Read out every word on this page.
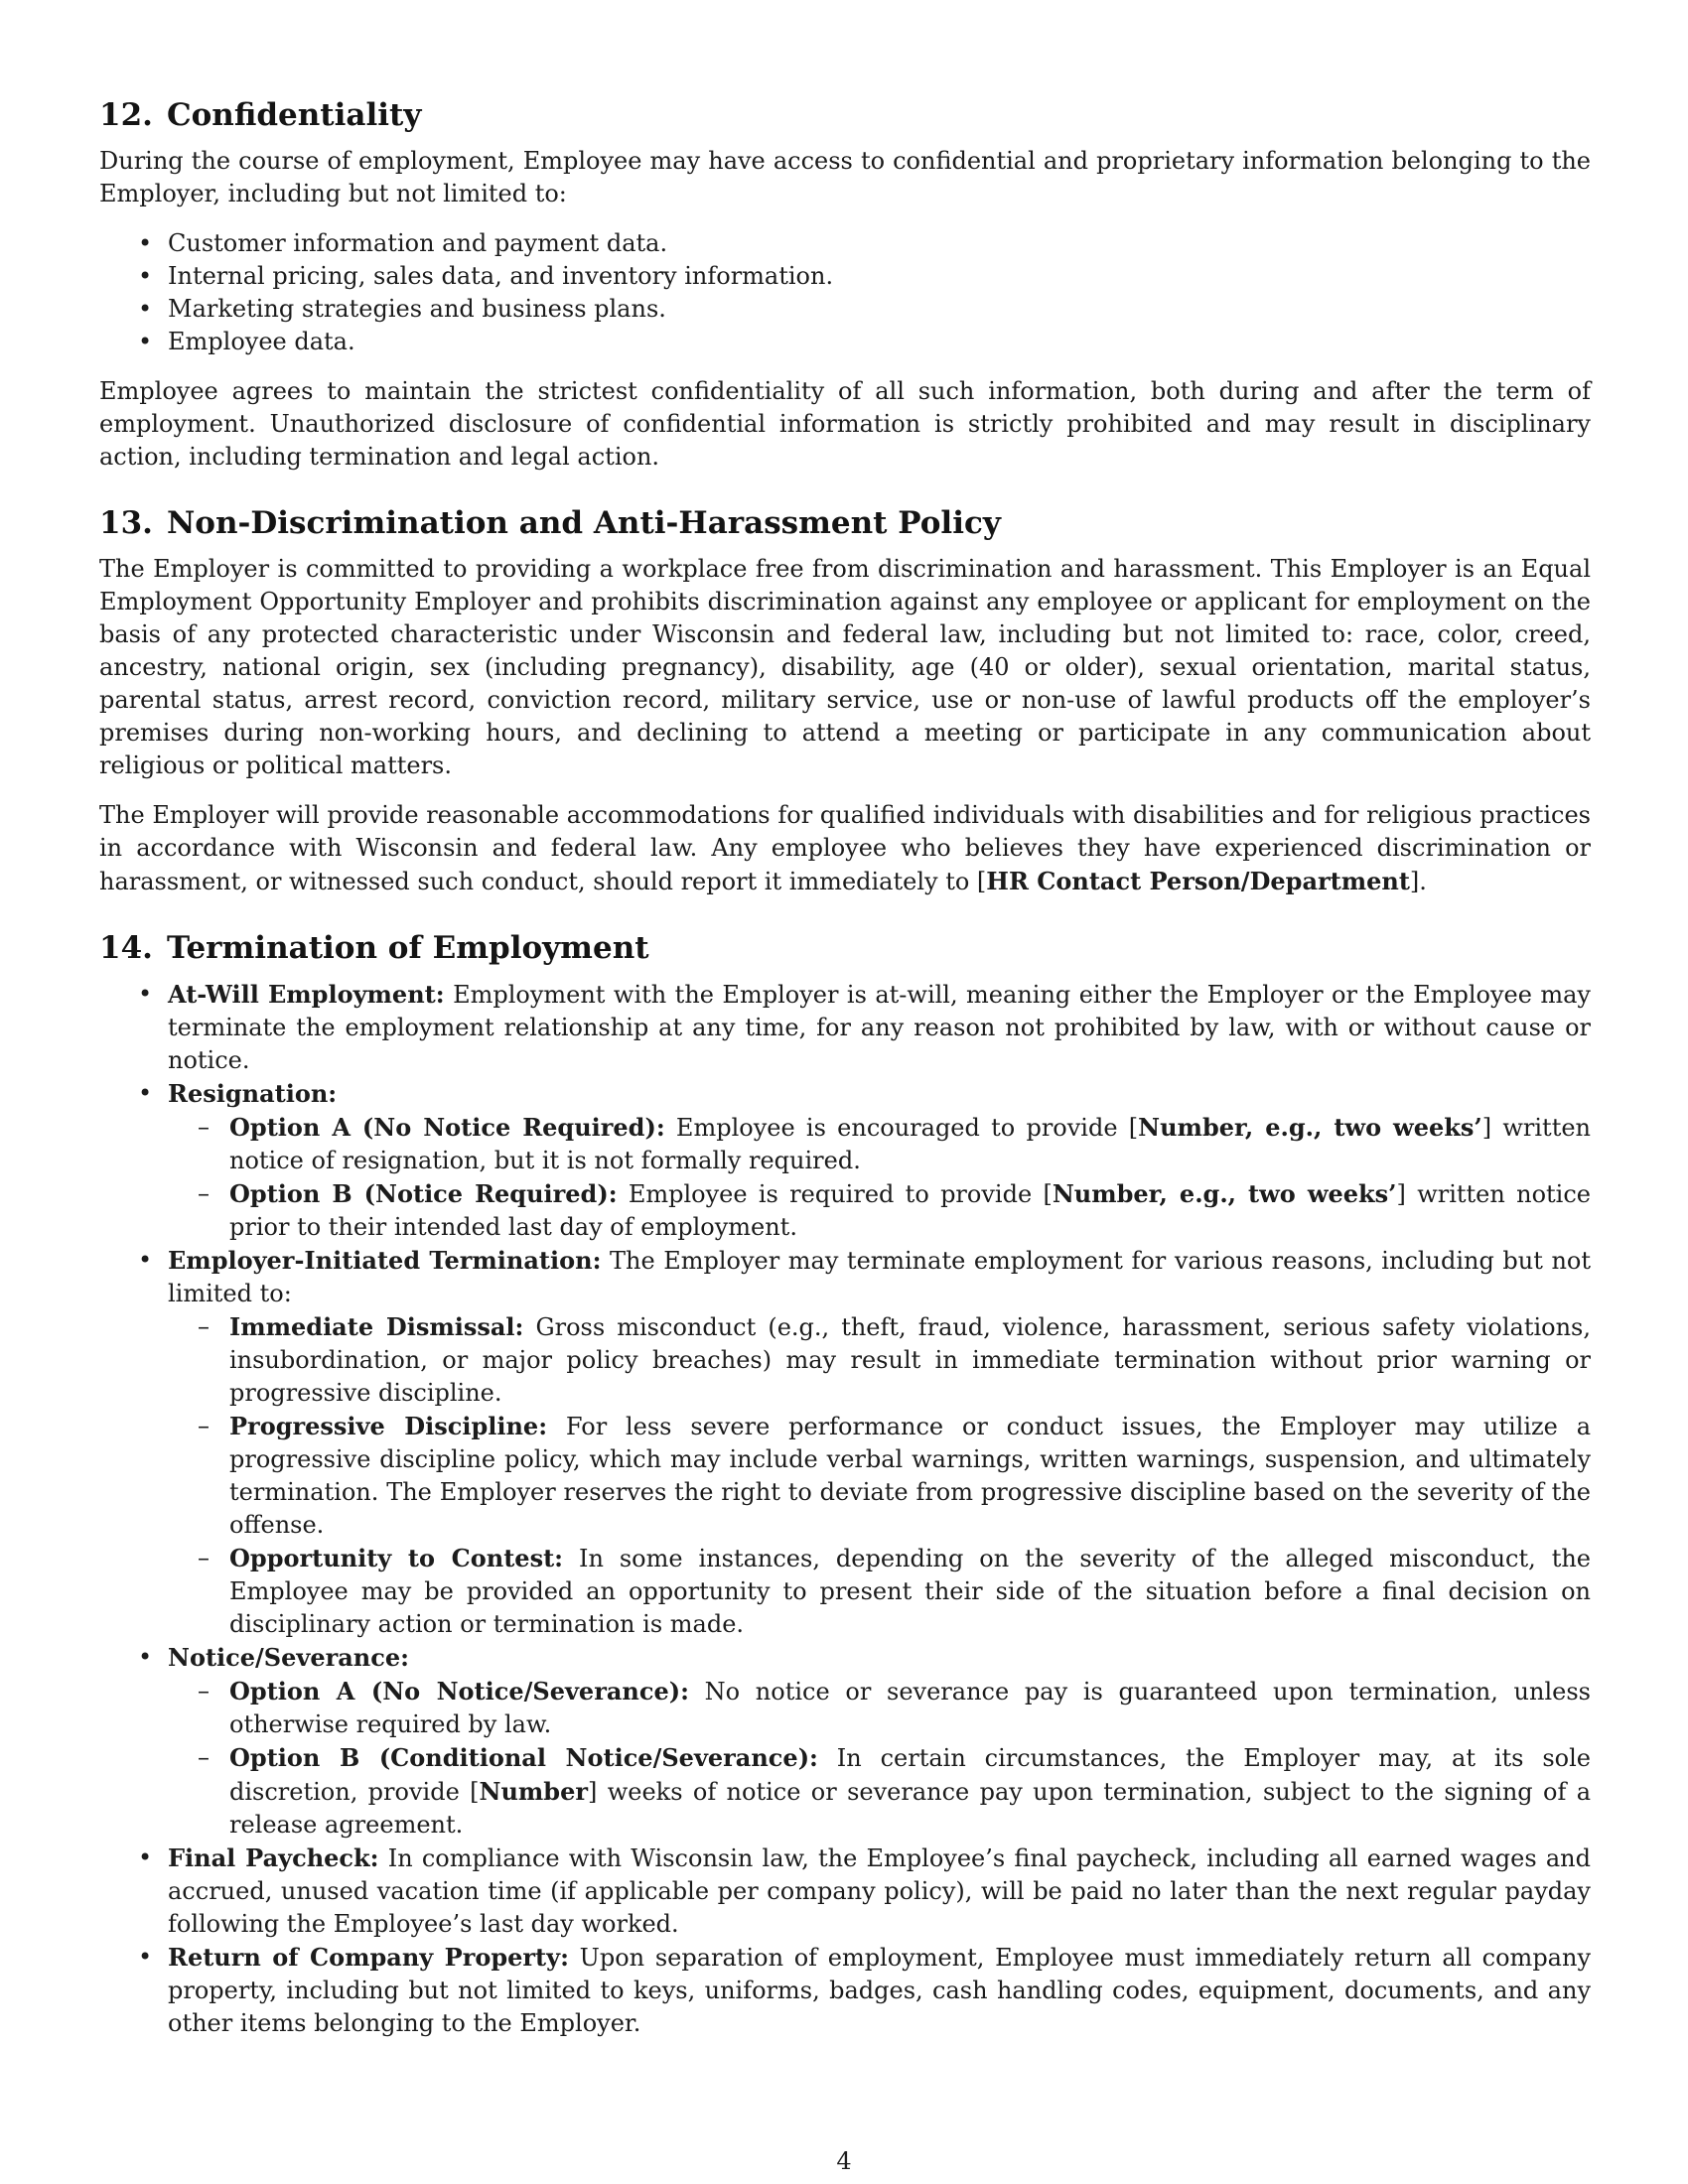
12. Confidentiality

During the course of employment, Employee may have access to confidential and proprietary information belonging to the Employer, including but not limited to:

• Customer information and payment data.
• Internal pricing, sales data, and inventory information.
• Marketing strategies and business plans.
• Employee data.

Employee agrees to maintain the strictest confidentiality of all such information, both during and after the term of employment. Unauthorized disclosure of confidential information is strictly prohibited and may result in disciplinary action, including termination and legal action.

13. Non-Discrimination and Anti-Harassment Policy

The Employer is committed to providing a workplace free from discrimination and harassment. This Employer is an Equal Employment Opportunity Employer and prohibits discrimination against any employee or applicant for employment on the basis of any protected characteristic under Wisconsin and federal law, including but not limited to: race, color, creed, ancestry, national origin, sex (including pregnancy), disability, age (40 or older), sexual orientation, marital status, parental status, arrest record, conviction record, military service, use or non-use of lawful products off the employer’s premises during non-working hours, and declining to attend a meeting or participate in any communication about religious or political matters.

The Employer will provide reasonable accommodations for qualified individuals with disabilities and for religious practices in accordance with Wisconsin and federal law. Any employee who believes they have experienced discrimination or harassment, or witnessed such conduct, should report it immediately to [HR Contact Person/Department].

14. Termination of Employment
• At-Will Employment: Employment with the Employer is at-will, meaning either the Employer or the Employee may terminate the employment relationship at any time, for any reason not prohibited by law, with or without cause or notice.
• Resignation:
– Option A (No Notice Required): Employee is encouraged to provide [Number, e.g., two weeks’] written notice of resignation, but it is not formally required.
– Option B (Notice Required): Employee is required to provide [Number, e.g., two weeks’] written notice prior to their intended last day of employment.
• Employer-Initiated Termination: The Employer may terminate employment for various reasons, including but not limited to:
– Immediate Dismissal: Gross misconduct (e.g., theft, fraud, violence, harassment, serious safety violations, insubordination, or major policy breaches) may result in immediate termination without prior warning or progressive discipline.
– Progressive Discipline: For less severe performance or conduct issues, the Employer may utilize a progressive discipline policy, which may include verbal warnings, written warnings, suspension, and ultimately termination. The Employer reserves the right to deviate from progressive discipline based on the severity of the offense.
– Opportunity to Contest: In some instances, depending on the severity of the alleged misconduct, the Employee may be provided an opportunity to present their side of the situation before a final decision on disciplinary action or termination is made.
• Notice/Severance:
– Option A (No Notice/Severance): No notice or severance pay is guaranteed upon termination, unless otherwise required by law.
– Option B (Conditional Notice/Severance): In certain circumstances, the Employer may, at its sole discretion, provide [Number] weeks of notice or severance pay upon termination, subject to the signing of a release agreement.
• Final Paycheck: In compliance with Wisconsin law, the Employee’s final paycheck, including all earned wages and accrued, unused vacation time (if applicable per company policy), will be paid no later than the next regular payday following the Employee’s last day worked.
• Return of Company Property: Upon separation of employment, Employee must immediately return all company property, including but not limited to keys, uniforms, badges, cash handling codes, equipment, documents, and any other items belonging to the Employer.
4
